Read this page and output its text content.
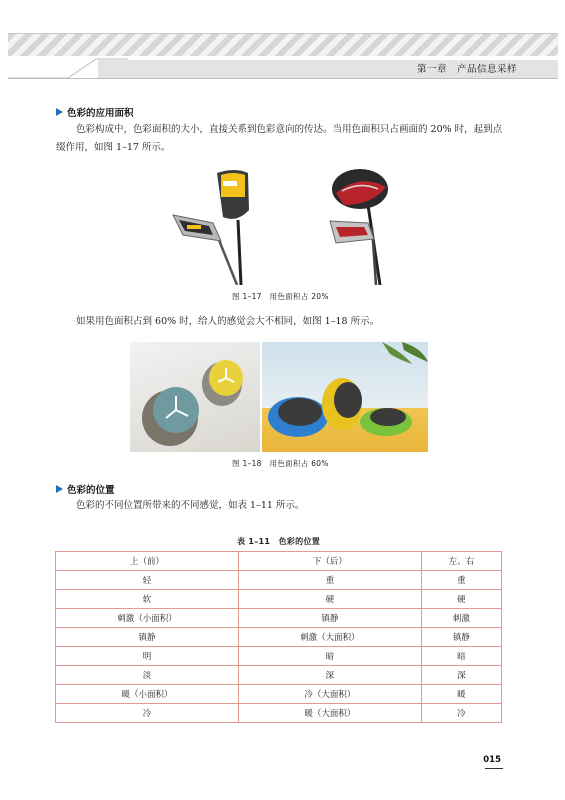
第一章　产品信息采样
色彩的应用面积
色彩构成中，色彩面积的大小，直接关系到色彩意向的传达。当用色面积只占画面的 20% 时，起到点缀作用，如图 1–17 所示。
图 1–17　用色面积占 20%
如果用色面积占到 60% 时，给人的感觉会大不相同，如图 1–18 所示。
图 1–18　用色面积占 60%
色彩的位置
色彩的不同位置所带来的不同感觉，如表 1–11 所示。
表 1–11　色彩的位置
上（前）	下（后）	左、右
轻	重	重
软	硬	硬
刺激（小面积）	镇静	刺激
镇静	刺激（大面积）	镇静
明	暗	暗
淡	深	深
暖（小面积）	冷（大面积）	暖
冷	暖（大面积）	冷
015
